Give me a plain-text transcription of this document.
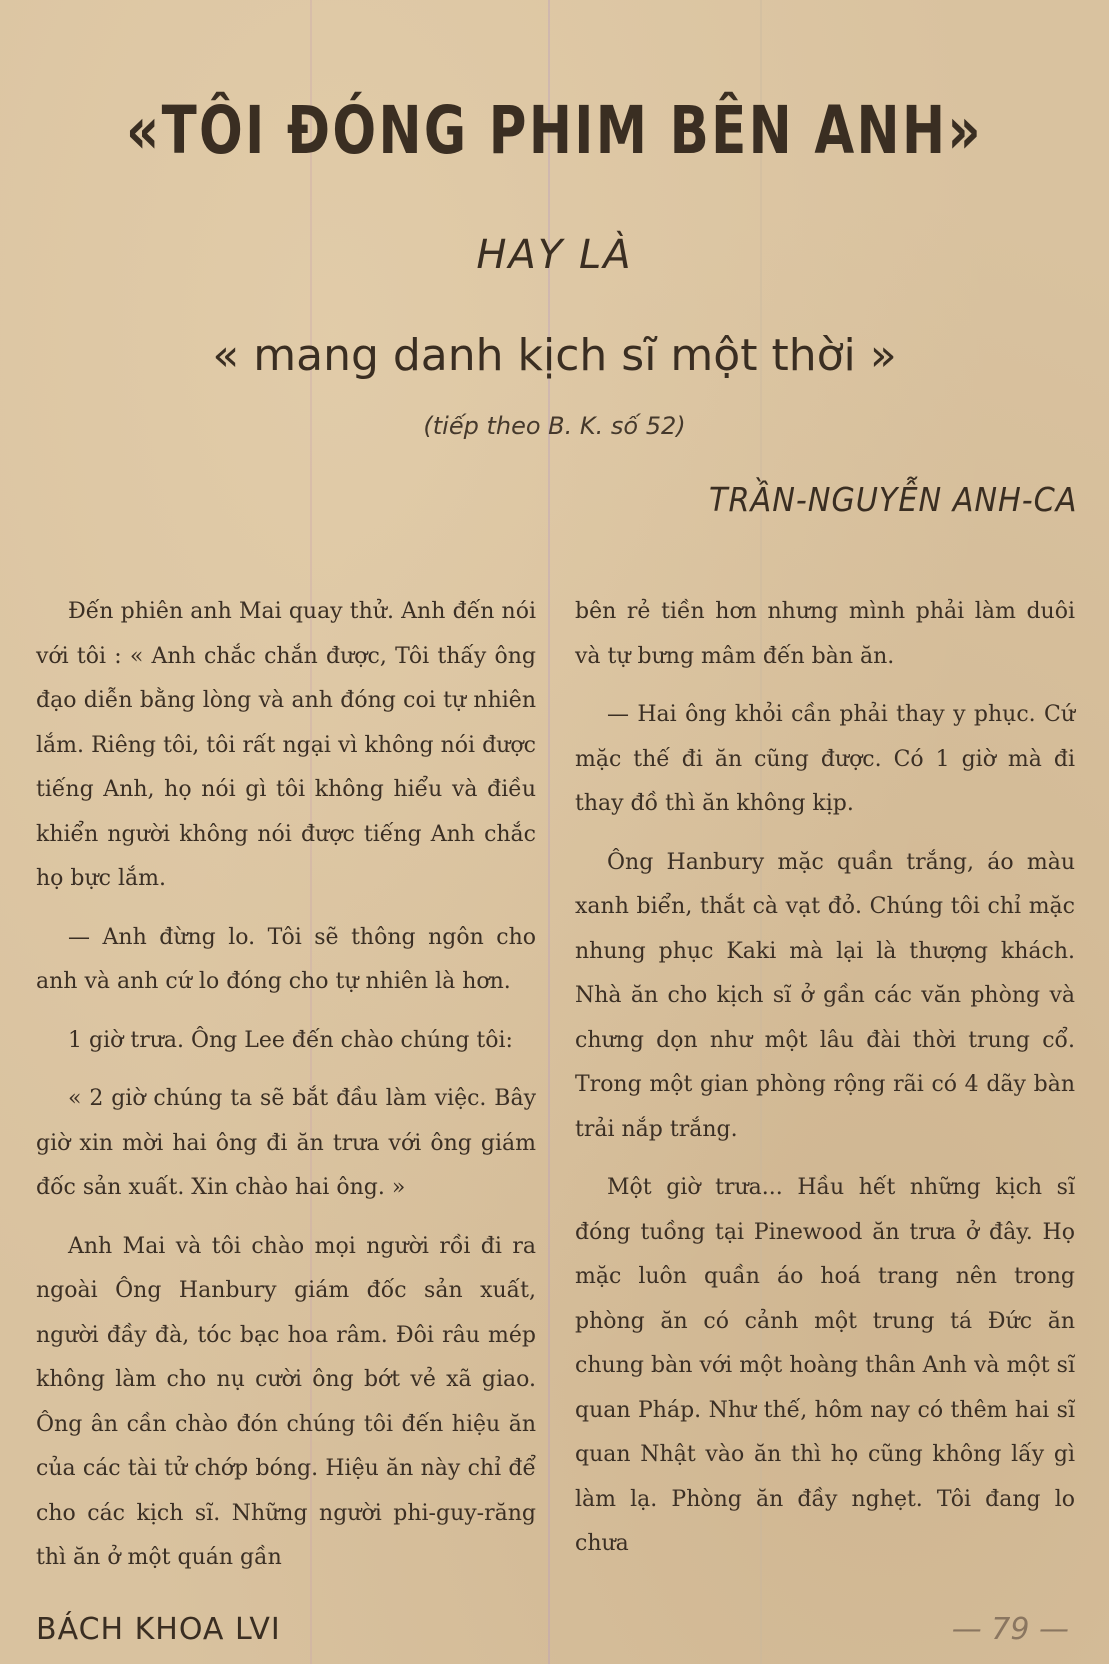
«TÔI ĐÓNG PHIM BÊN ANH»
HAY LÀ
« mang danh kịch sĩ một thời »
(tiếp theo B. K. số 52)
TRẦN-NGUYỄN ANH-CA

Đến phiên anh Mai quay thử. Anh đến nói với tôi : « Anh chắc chắn được, Tôi thấy ông đạo diễn bằng lòng và anh đóng coi tự nhiên lắm. Riêng tôi, tôi rất ngại vì không nói được tiếng Anh, họ nói gì tôi không hiểu và điều khiển người không nói được tiếng Anh chắc họ bực lắm.

— Anh đừng lo. Tôi sẽ thông ngôn cho anh và anh cứ lo đóng cho tự nhiên là hơn.

1 giờ trưa. Ông Lee đến chào chúng tôi:

« 2 giờ chúng ta sẽ bắt đầu làm việc. Bây giờ xin mời hai ông đi ăn trưa với ông giám đốc sản xuất. Xin chào hai ông. »

Anh Mai và tôi chào mọi người rồi đi ra ngoài Ông Hanbury giám đốc sản xuất, người đầy đà, tóc bạc hoa râm. Đôi râu mép không làm cho nụ cười ông bớt vẻ xã giao. Ông ân cần chào đón chúng tôi đến hiệu ăn của các tài tử chớp bóng. Hiệu ăn này chỉ để cho các kịch sĩ. Những người phi-guy-răng thì ăn ở một quán gần

bên rẻ tiền hơn nhưng mình phải làm duôi và tự bưng mâm đến bàn ăn.

— Hai ông khỏi cần phải thay y phục. Cứ mặc thế đi ăn cũng được. Có 1 giờ mà đi thay đồ thì ăn không kịp.

Ông Hanbury mặc quần trắng, áo màu xanh biển, thắt cà vạt đỏ. Chúng tôi chỉ mặc nhung phục Kaki mà lại là thượng khách. Nhà ăn cho kịch sĩ ở gần các văn phòng và chưng dọn như một lâu đài thời trung cổ. Trong một gian phòng rộng rãi có 4 dãy bàn trải nắp trắng.

Một giờ trưa... Hầu hết những kịch sĩ đóng tuồng tại Pinewood ăn trưa ở đây. Họ mặc luôn quần áo hoá trang nên trong phòng ăn có cảnh một trung tá Đức ăn chung bàn với một hoàng thân Anh và một sĩ quan Pháp. Như thế, hôm nay có thêm hai sĩ quan Nhật vào ăn thì họ cũng không lấy gì làm lạ. Phòng ăn đầy nghẹt. Tôi đang lo chưa

BÁCH KHOA LVI	— 79 —
